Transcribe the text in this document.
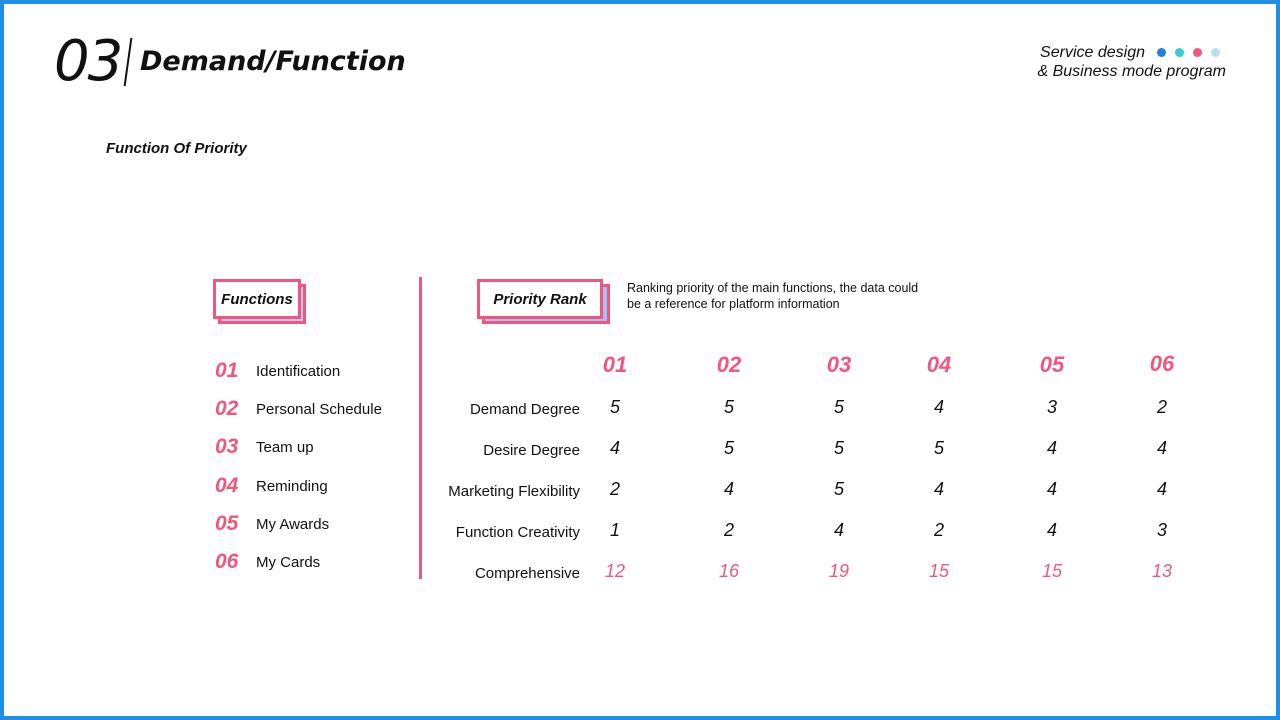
03 Demand/Function	Service design
& Business mode program
Function Of Priority
Functions	Priority Rank
Ranking priority of the main functions, the data could be a reference for platform information
01	Identification
02	Personal Schedule
03	Team up
04	Reminding
05	My Awards
06	My Cards
01	02	03	04	05	06
Demand Degree 5	5	5	4	3	2
Desire Degree 4	5	5	5	4	4
Marketing Flexibility 2	4	5	4	4	4
Function Creativity 1	2	4	2	4	3
Comprehensive 12	16	19	15	15	13
